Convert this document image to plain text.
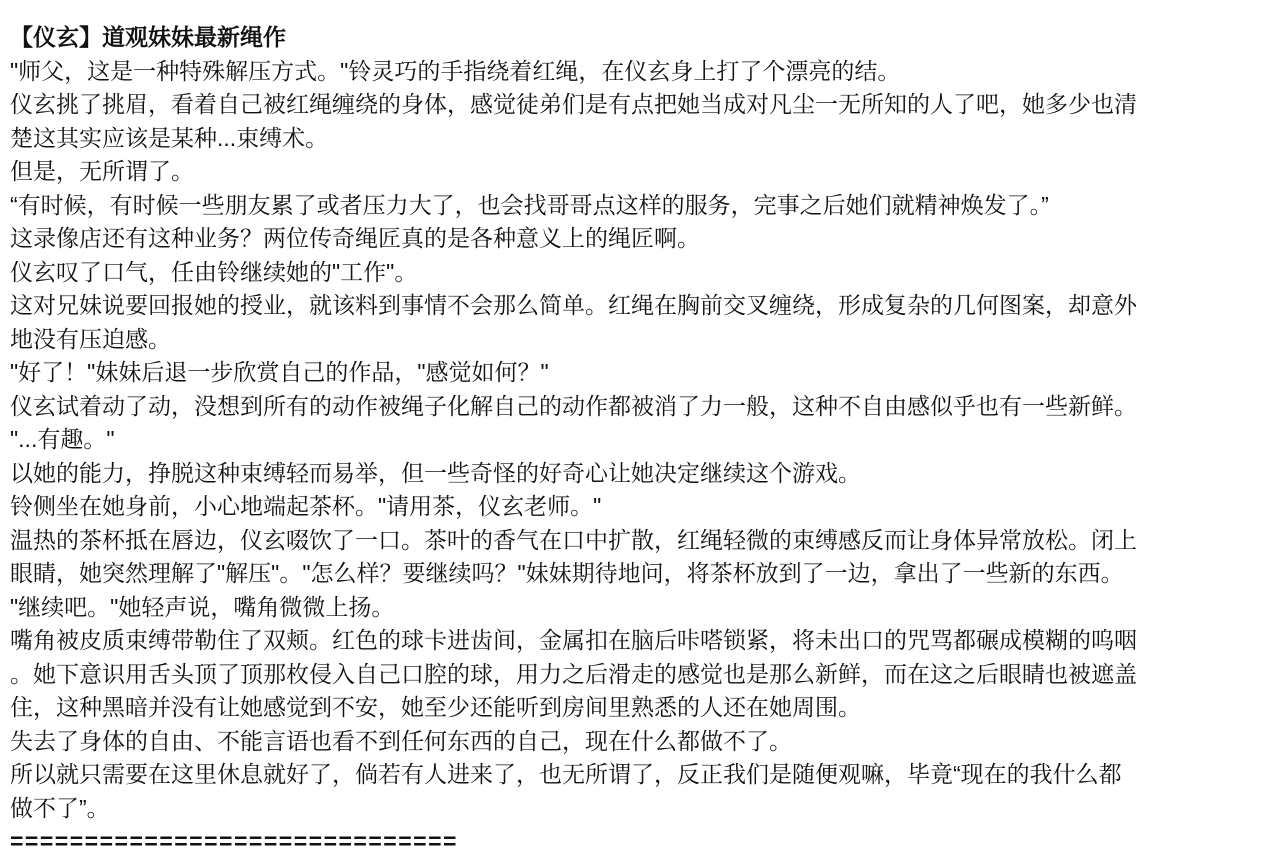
【仪玄】道观妹妹最新绳作
"师父，这是一种特殊解压方式。"铃灵巧的手指绕着红绳，在仪玄身上打了个漂亮的结。
仪玄挑了挑眉，看着自己被红绳缠绕的身体，感觉徒弟们是有点把她当成对凡尘一无所知的人了吧，她多少也清
楚这其实应该是某种...束缚术。
但是，无所谓了。
“有时候，有时候一些朋友累了或者压力大了，也会找哥哥点这样的服务，完事之后她们就精神焕发了。”
这录像店还有这种业务？两位传奇绳匠真的是各种意义上的绳匠啊。
仪玄叹了口气，任由铃继续她的"工作"。
这对兄妹说要回报她的授业，就该料到事情不会那么简单。红绳在胸前交叉缠绕，形成复杂的几何图案，却意外
地没有压迫感。
"好了！"妹妹后退一步欣赏自己的作品，"感觉如何？"
仪玄试着动了动，没想到所有的动作被绳子化解自己的动作都被消了力一般，这种不自由感似乎也有一些新鲜。
"...有趣。"
以她的能力，挣脱这种束缚轻而易举，但一些奇怪的好奇心让她决定继续这个游戏。
铃侧坐在她身前，小心地端起茶杯。"请用茶，仪玄老师。"
温热的茶杯抵在唇边，仪玄啜饮了一口。茶叶的香气在口中扩散，红绳轻微的束缚感反而让身体异常放松。闭上
眼睛，她突然理解了"解压"。"怎么样？要继续吗？"妹妹期待地问，将茶杯放到了一边，拿出了一些新的东西。
"继续吧。"她轻声说，嘴角微微上扬。
嘴角被皮质束缚带勒住了双颊。红色的球卡进齿间，金属扣在脑后咔嗒锁紧，将未出口的咒骂都碾成模糊的呜咽
。她下意识用舌头顶了顶那枚侵入自己口腔的球，用力之后滑走的感觉也是那么新鲜，而在这之后眼睛也被遮盖
住，这种黑暗并没有让她感觉到不安，她至少还能听到房间里熟悉的人还在她周围。
失去了身体的自由、不能言语也看不到任何东西的自己，现在什么都做不了。
所以就只需要在这里休息就好了，倘若有人进来了，也无所谓了，反正我们是随便观嘛，毕竟“现在的我什么都
做不了”。
==============================
